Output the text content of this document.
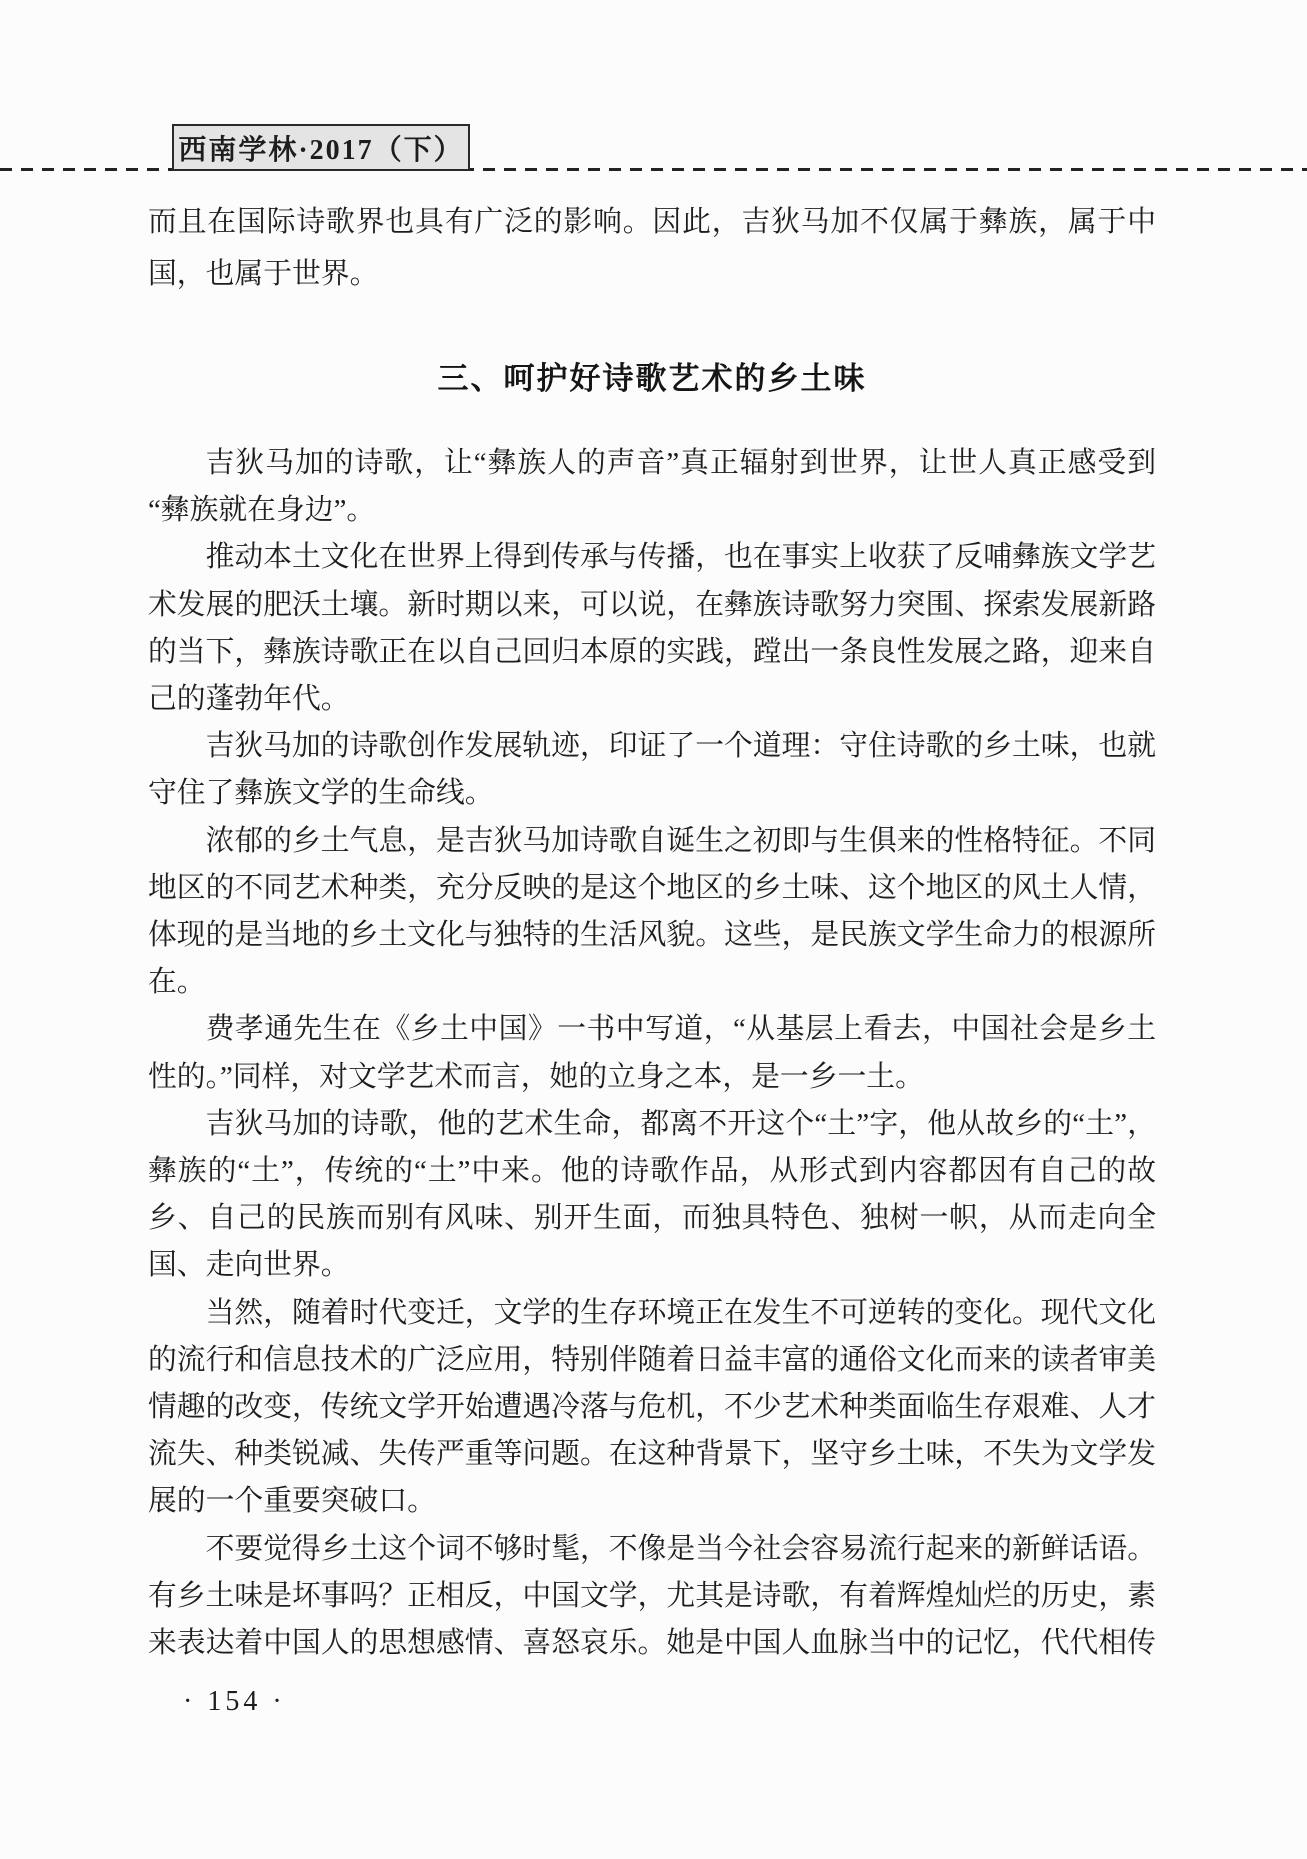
西南学林·2017（下）

而且在国际诗歌界也具有广泛的影响。因此，吉狄马加不仅属于彝族，属于中国，也属于世界。

三、呵护好诗歌艺术的乡土味

吉狄马加的诗歌，让“彝族人的声音”真正辐射到世界，让世人真正感受到“彝族就在身边”。

推动本土文化在世界上得到传承与传播，也在事实上收获了反哺彝族文学艺术发展的肥沃土壤。新时期以来，可以说，在彝族诗歌努力突围、探索发展新路的当下，彝族诗歌正在以自己回归本原的实践，蹚出一条良性发展之路，迎来自己的蓬勃年代。

吉狄马加的诗歌创作发展轨迹，印证了一个道理：守住诗歌的乡土味，也就守住了彝族文学的生命线。

浓郁的乡土气息，是吉狄马加诗歌自诞生之初即与生俱来的性格特征。不同地区的不同艺术种类，充分反映的是这个地区的乡土味、这个地区的风土人情，体现的是当地的乡土文化与独特的生活风貌。这些，是民族文学生命力的根源所在。

费孝通先生在《乡土中国》一书中写道，“从基层上看去，中国社会是乡土性的。”同样，对文学艺术而言，她的立身之本，是一乡一土。

吉狄马加的诗歌，他的艺术生命，都离不开这个“土”字，他从故乡的“土”，彝族的“土”，传统的“土”中来。他的诗歌作品，从形式到内容都因有自己的故乡、自己的民族而别有风味、别开生面，而独具特色、独树一帜，从而走向全国、走向世界。

当然，随着时代变迁，文学的生存环境正在发生不可逆转的变化。现代文化的流行和信息技术的广泛应用，特别伴随着日益丰富的通俗文化而来的读者审美情趣的改变，传统文学开始遭遇冷落与危机，不少艺术种类面临生存艰难、人才流失、种类锐减、失传严重等问题。在这种背景下，坚守乡土味，不失为文学发展的一个重要突破口。

不要觉得乡土这个词不够时髦，不像是当今社会容易流行起来的新鲜话语。有乡土味是坏事吗？正相反，中国文学，尤其是诗歌，有着辉煌灿烂的历史，素来表达着中国人的思想感情、喜怒哀乐。她是中国人血脉当中的记忆，代代相传

· 154 ·
